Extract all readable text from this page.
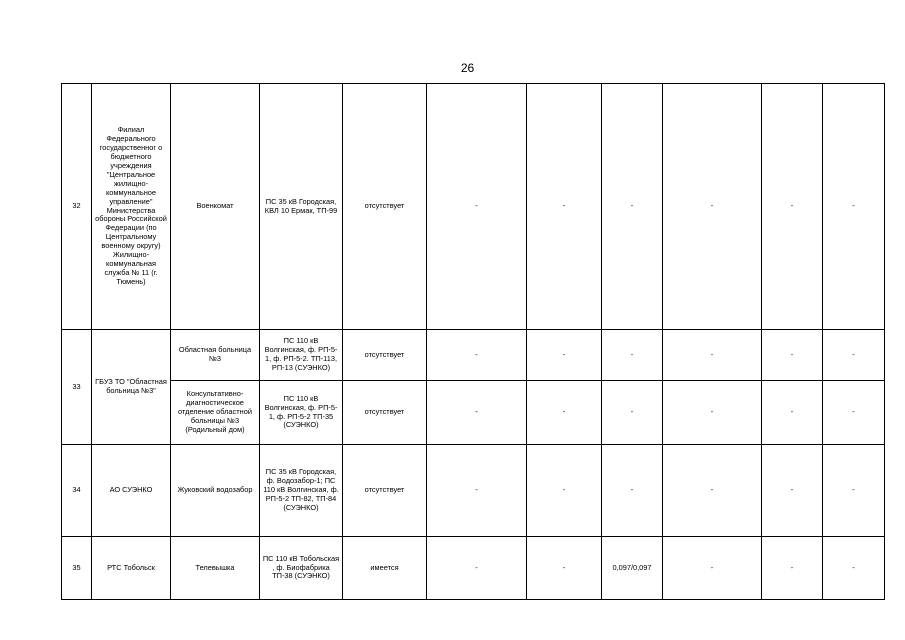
26
32	Филиал Федерального государственног о бюджетного учреждения "Центральное жилищно- коммунальное управление" Министерства обороны Российской Федерации (по Центральному военному округу) Жилищно- коммунальная служба № 11 (г. Тюмень)	Военкомат	ПС 35 кВ Городская, КВЛ 10 Ермак, ТП-99	отсутствует	-	-	-	-	-	-
33	ГБУЗ ТО "Областная больница №3"	Областная больница №3	ПС 110 кВ Волгинская, ф. РП-5-1, ф. РП-5-2. ТП-113, РП-13 (СУЭНКО)	отсутствует	-	-	-	-	-	-
		Консультативно- диагностическое отделение областной больницы №3 (Родильный дом)	ПС 110 кВ Волгинская, ф. РП-5-1, ф. РП-5-2 ТП-35 (СУЭНКО)	отсутствует	-	-	-	-	-	-
34	АО СУЭНКО	Жуковский водозабор	ПС 35 кВ Городская, ф. Водозабор-1; ПС 110 кВ Волгинская, ф. РП-5-2 ТП-82, ТП-84 (СУЭНКО)	отсутствует	-	-	-	-	-	-
35	РТС Тобольск	Телевышка	ПС 110 кВ Тобольская , ф. Биофабрика ТП-38 (СУЭНКО)	имеется	-	-	0,097/0,097	-	-	-
